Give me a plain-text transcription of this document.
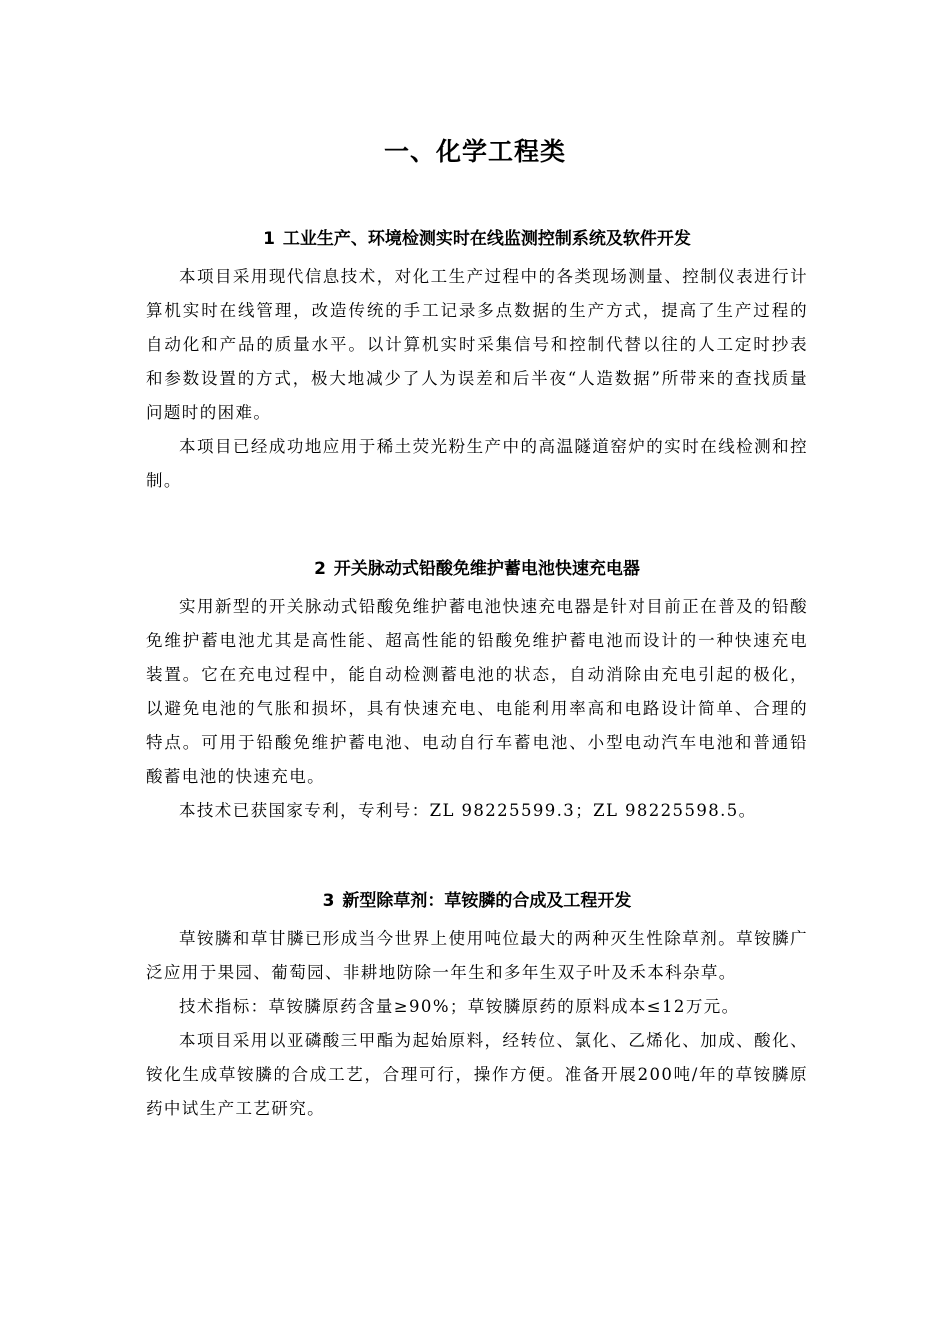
一、化学工程类
1 工业生产、环境检测实时在线监测控制系统及软件开发

本项目采用现代信息技术，对化工生产过程中的各类现场测量、控制仪表进行计算机实时在线管理，改造传统的手工记录多点数据的生产方式，提高了生产过程的自动化和产品的质量水平。以计算机实时采集信号和控制代替以往的人工定时抄表和参数设置的方式，极大地减少了人为误差和后半夜“人造数据”所带来的查找质量问题时的困难。

本项目已经成功地应用于稀土荧光粉生产中的高温隧道窑炉的实时在线检测和控制。

2 开关脉动式铅酸免维护蓄电池快速充电器

实用新型的开关脉动式铅酸免维护蓄电池快速充电器是针对目前正在普及的铅酸免维护蓄电池尤其是高性能、超高性能的铅酸免维护蓄电池而设计的一种快速充电装置。它在充电过程中，能自动检测蓄电池的状态，自动消除由充电引起的极化，以避免电池的气胀和损坏，具有快速充电、电能利用率高和电路设计简单、合理的特点。可用于铅酸免维护蓄电池、电动自行车蓄电池、小型电动汽车电池和普通铅酸蓄电池的快速充电。

本技术已获国家专利，专利号：ZL 98225599.3；ZL 98225598.5。

3 新型除草剂：草铵膦的合成及工程开发

草铵膦和草甘膦已形成当今世界上使用吨位最大的两种灭生性除草剂。草铵膦广泛应用于果园、葡萄园、非耕地防除一年生和多年生双子叶及禾本科杂草。

技术指标：草铵膦原药含量≥90%；草铵膦原药的原料成本≤12万元。

本项目采用以亚磷酸三甲酯为起始原料，经转位、氯化、乙烯化、加成、酸化、铵化生成草铵膦的合成工艺，合理可行，操作方便。准备开展200吨/年的草铵膦原药中试生产工艺研究。
